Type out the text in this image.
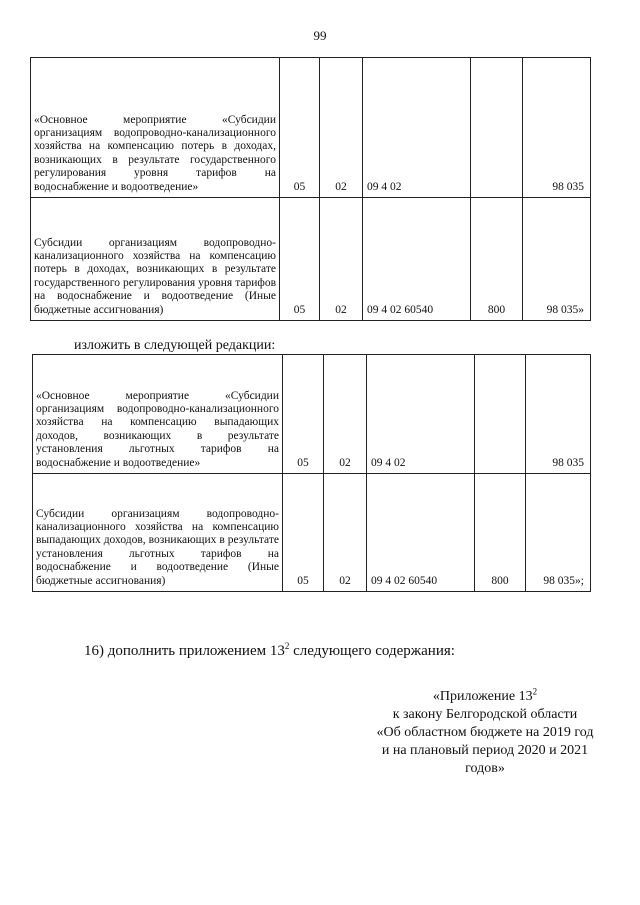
99
«Основное мероприятие «Субсидии организациям водопроводно-канализационного хозяйства на компенсацию потерь в доходах, возникающих в результате государственного регулирования уровня тарифов на водоснабжение и водоотведение»	05	02	09 4 02		98 035
Субсидии организациям водопроводно-канализационного хозяйства на компенсацию потерь в доходах, возникающих в результате государственного регулирования уровня тарифов на водоснабжение и водоотведение (Иные бюджетные ассигнования)	05	02	09 4 02 60540	800	98 035»
изложить в следующей редакции:
«Основное мероприятие «Субсидии организациям водопроводно-канализационного хозяйства на компенсацию выпадающих доходов, возникающих в результате установления льготных тарифов на водоснабжение и водоотведение»	05	02	09 4 02		98 035
Субсидии организациям водопроводно-канализационного хозяйства на компенсацию выпадающих доходов, возникающих в результате установления льготных тарифов на водоснабжение и водоотведение (Иные бюджетные ассигнования)	05	02	09 4 02 60540	800	98 035»;
16) дополнить приложением $13^2$ следующего содержания:
«Приложение $13^2$
к закону Белгородской области
«Об областном бюджете на 2019 год
и на плановый период 2020 и 2021
годов»
